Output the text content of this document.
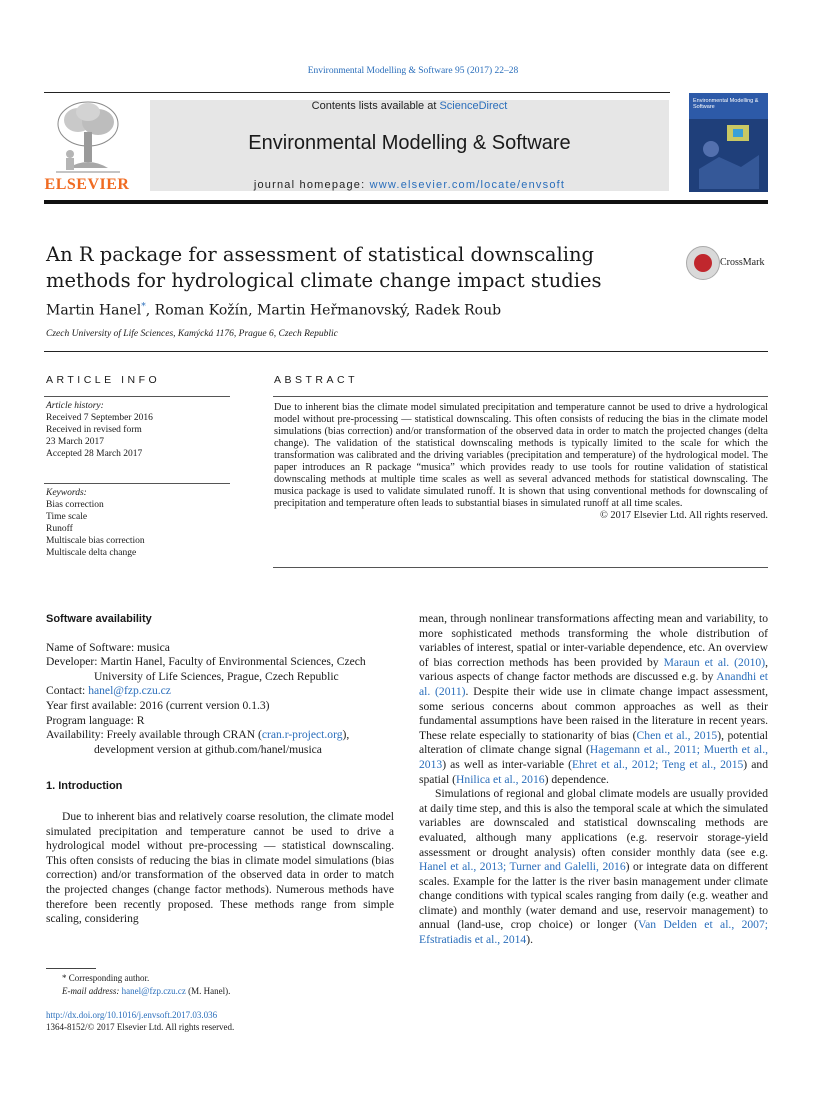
Environmental Modelling & Software 95 (2017) 22–28
ELSEVIER
Contents lists available at ScienceDirect
Environmental Modelling & Software
journal homepage: www.elsevier.com/locate/envsoft
Environmental Modelling & Software
An R package for assessment of statistical downscaling methods for hydrological climate change impact studies
CrossMark
Martin Hanel*, Roman Kožín, Martin Heřmanovský, Radek Roub
Czech University of Life Sciences, Kamýcká 1176, Prague 6, Czech Republic
ARTICLE INFO	ABSTRACT
Article history:
Received 7 September 2016
Received in revised form
23 March 2017
Accepted 28 March 2017
Keywords:
Bias correction
Time scale
Runoff
Multiscale bias correction
Multiscale delta change
Due to inherent bias the climate model simulated precipitation and temperature cannot be used to drive a hydrological model without pre-processing — statistical downscaling. This often consists of reducing the bias in the climate model simulations (bias correction) and/or transformation of the observed data in order to match the projected changes (delta change). The validation of the statistical downscaling methods is typically limited to the scale for which the transformation was calibrated and the driving variables (precipitation and temperature) of the hydrological model. The paper introduces an R package “musica” which provides ready to use tools for routine validation of statistical downscaling methods at multiple time scales as well as several advanced methods for statistical downscaling. The musica package is used to validate simulated runoff. It is shown that using conventional methods for downscaling of precipitation and temperature often leads to substantial biases in simulated runoff at all time scales.
© 2017 Elsevier Ltd. All rights reserved.

Software availability

Name of Software: musica

Developer: Martin Hanel, Faculty of Environmental Sciences, Czech University of Life Sciences, Prague, Czech Republic

Contact: hanel@fzp.czu.cz

Year first available: 2016 (current version 0.1.3)

Program language: R

Availability: Freely available through CRAN (cran.r-project.org), development version at github.com/hanel/musica

1. Introduction

Due to inherent bias and relatively coarse resolution, the climate model simulated precipitation and temperature cannot be used to drive a hydrological model without pre-processing — statistical downscaling. This often consists of reducing the bias in climate model simulations (bias correction) and/or transformation of the observed data in order to match the projected changes (change factor methods). Numerous methods have therefore been recently proposed. These methods range from simple scaling, considering

mean, through nonlinear transformations affecting mean and variability, to more sophisticated methods transforming the whole distribution of variables of interest, spatial or inter-variable dependence, etc. An overview of bias correction methods has been provided by Maraun et al. (2010), various aspects of change factor methods are discussed e.g. by Anandhi et al. (2011). Despite their wide use in climate change impact assessment, some serious concerns about common approaches as well as their fundamental assumptions have been raised in the literature in recent years. These relate especially to stationarity of bias (Chen et al., 2015), potential alteration of climate change signal (Hagemann et al., 2011; Muerth et al., 2013) as well as inter-variable (Ehret et al., 2012; Teng et al., 2015) and spatial (Hnilica et al., 2016) dependence.

Simulations of regional and global climate models are usually provided at daily time step, and this is also the temporal scale at which the simulated variables are downscaled and statistical downscaling methods are evaluated, although many applications (e.g. reservoir storage-yield assessment or drought analysis) often consider monthly data (see e.g. Hanel et al., 2013; Turner and Galelli, 2016) or integrate data on different scales. Example for the latter is the river basin management under climate change conditions with typical scales ranging from daily (e.g. weather and climate) and monthly (water demand and use, reservoir management) to annual (land-use, crop choice) or longer (Van Delden et al., 2007; Efstratiadis et al., 2014).

* Corresponding author.
E-mail address: hanel@fzp.czu.cz (M. Hanel).
http://dx.doi.org/10.1016/j.envsoft.2017.03.036
1364-8152/© 2017 Elsevier Ltd. All rights reserved.
